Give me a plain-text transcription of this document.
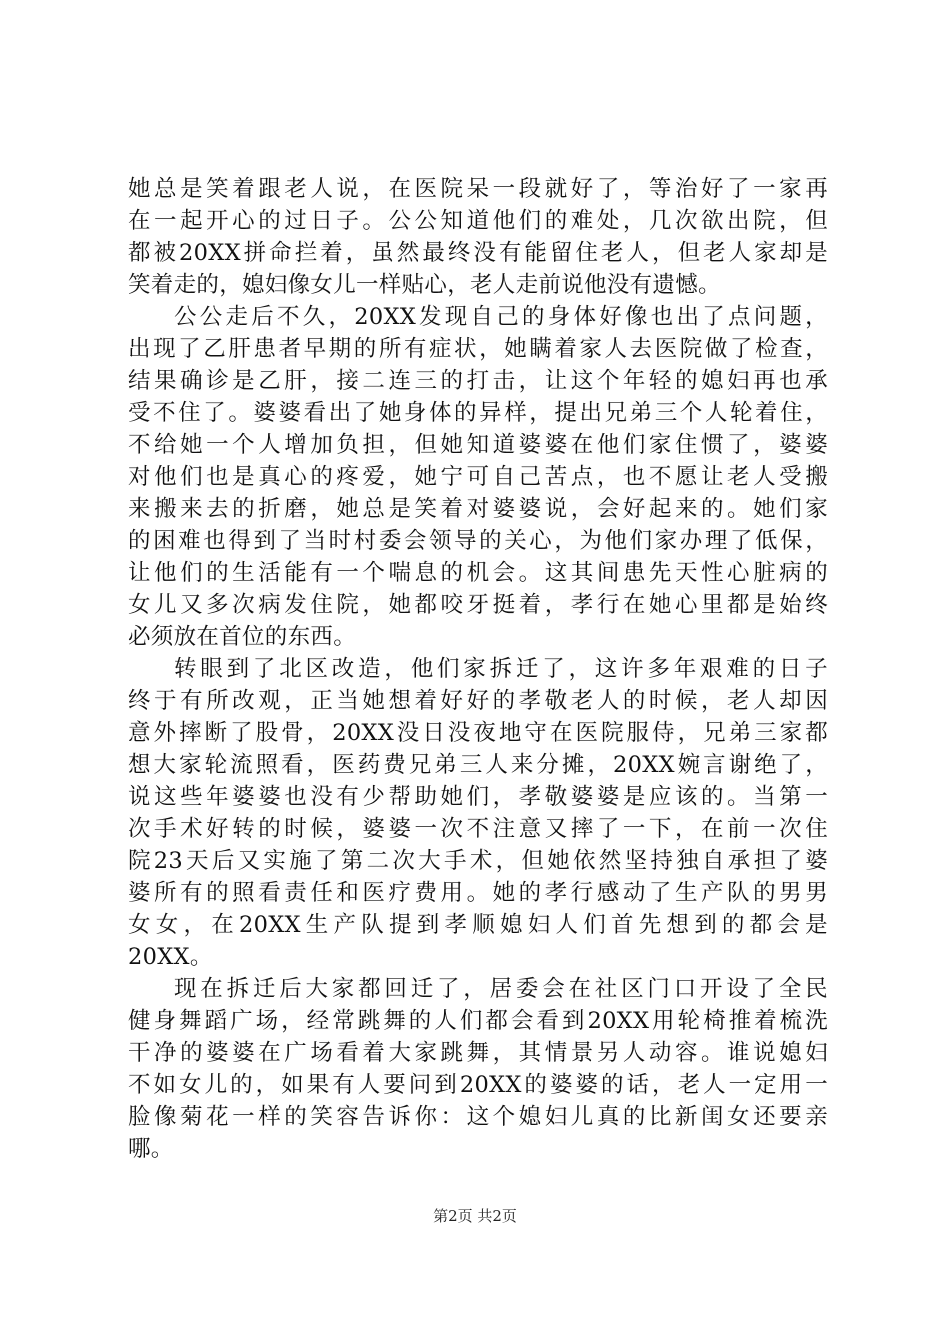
她总是笑着跟老人说，在医院呆一段就好了，等治好了一家再
在一起开心的过日子。公公知道他们的难处，几次欲出院，但
都被20XX拼命拦着，虽然最终没有能留住老人，但老人家却是
笑着走的，媳妇像女儿一样贴心，老人走前说他没有遗憾。
公公走后不久，20XX发现自己的身体好像也出了点问题，
出现了乙肝患者早期的所有症状，她瞒着家人去医院做了检查，
结果确诊是乙肝，接二连三的打击，让这个年轻的媳妇再也承
受不住了。婆婆看出了她身体的异样，提出兄弟三个人轮着住，
不给她一个人增加负担，但她知道婆婆在他们家住惯了，婆婆
对他们也是真心的疼爱，她宁可自己苦点，也不愿让老人受搬
来搬来去的折磨，她总是笑着对婆婆说，会好起来的。她们家
的困难也得到了当时村委会领导的关心，为他们家办理了低保，
让他们的生活能有一个喘息的机会。这其间患先天性心脏病的
女儿又多次病发住院，她都咬牙挺着，孝行在她心里都是始终
必须放在首位的东西。
转眼到了北区改造，他们家拆迁了，这许多年艰难的日子
终于有所改观，正当她想着好好的孝敬老人的时候，老人却因
意外摔断了股骨，20XX没日没夜地守在医院服侍，兄弟三家都
想大家轮流照看，医药费兄弟三人来分摊，20XX婉言谢绝了，
说这些年婆婆也没有少帮助她们，孝敬婆婆是应该的。当第一
次手术好转的时候，婆婆一次不注意又摔了一下，在前一次住
院23天后又实施了第二次大手术，但她依然坚持独自承担了婆
婆所有的照看责任和医疗费用。她的孝行感动了生产队的男男
女女，在20XX生产队提到孝顺媳妇人们首先想到的都会是
20XX。
现在拆迁后大家都回迁了，居委会在社区门口开设了全民
健身舞蹈广场，经常跳舞的人们都会看到20XX用轮椅推着梳洗
干净的婆婆在广场看着大家跳舞，其情景另人动容。谁说媳妇
不如女儿的，如果有人要问到20XX的婆婆的话，老人一定用一
脸像菊花一样的笑容告诉你：这个媳妇儿真的比新闺女还要亲
哪。
第2页 共2页
